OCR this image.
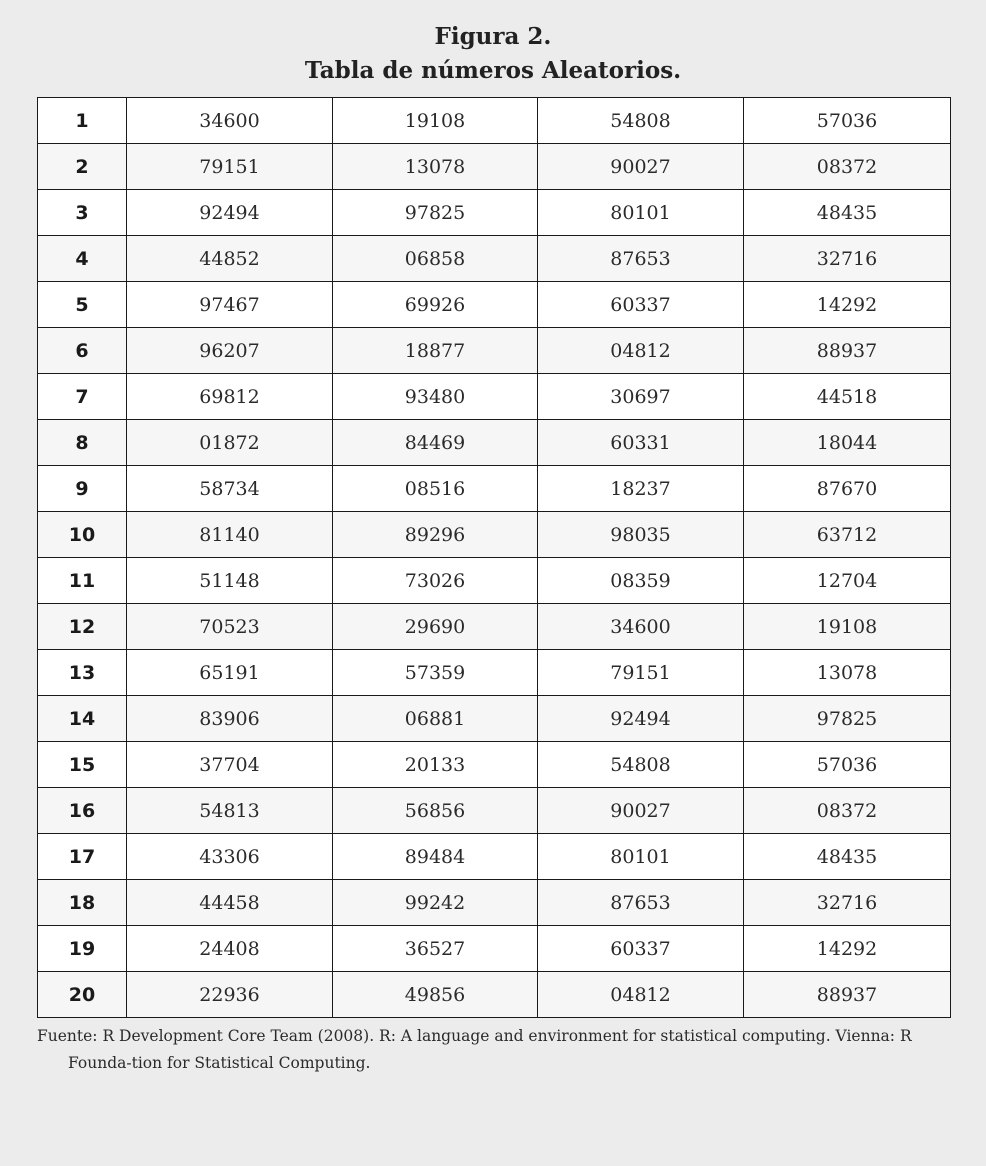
Figura 2.
Tabla de números Aleatorios.
1	34600	19108	54808	57036
2	79151	13078	90027	08372
3	92494	97825	80101	48435
4	44852	06858	87653	32716
5	97467	69926	60337	14292
6	96207	18877	04812	88937
7	69812	93480	30697	44518
8	01872	84469	60331	18044
9	58734	08516	18237	87670
10	81140	89296	98035	63712
11	51148	73026	08359	12704
12	70523	29690	34600	19108
13	65191	57359	79151	13078
14	83906	06881	92494	97825
15	37704	20133	54808	57036
16	54813	56856	90027	08372
17	43306	89484	80101	48435
18	44458	99242	87653	32716
19	24408	36527	60337	14292
20	22936	49856	04812	88937
Fuente: R Development Core Team (2008). R: A language and environment for statistical computing. Vienna: R Founda-tion for Statistical Computing.
